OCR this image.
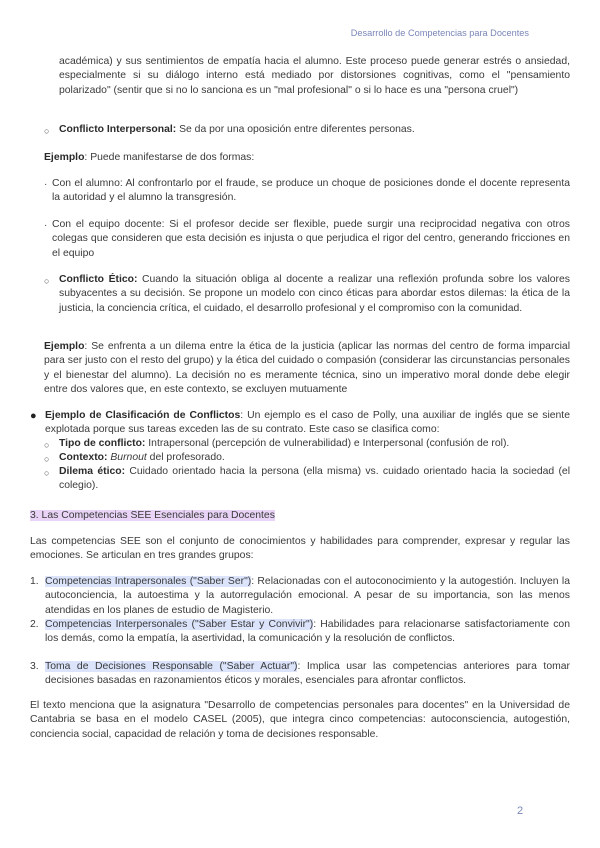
Desarrollo de Competencias para Docentes
académica) y sus sentimientos de empatía hacia el alumno. Este proceso puede generar estrés o ansiedad, especialmente si su diálogo interno está mediado por distorsiones cognitivas, como el "pensamiento polarizado" (sentir que si no lo sanciona es un "mal profesional" o si lo hace es una "persona cruel")
○ Conflicto Interpersonal: Se da por una oposición entre diferentes personas.
Ejemplo: Puede manifestarse de dos formas:
· Con el alumno: Al confrontarlo por el fraude, se produce un choque de posiciones donde el docente representa la autoridad y el alumno la transgresión.
· Con el equipo docente: Si el profesor decide ser flexible, puede surgir una reciprocidad negativa con otros colegas que consideren que esta decisión es injusta o que perjudica el rigor del centro, generando fricciones en el equipo
○ Conflicto Ético: Cuando la situación obliga al docente a realizar una reflexión profunda sobre los valores subyacentes a su decisión. Se propone un modelo con cinco éticas para abordar estos dilemas: la ética de la justicia, la conciencia crítica, el cuidado, el desarrollo profesional y el compromiso con la comunidad.
Ejemplo: Se enfrenta a un dilema entre la ética de la justicia (aplicar las normas del centro de forma imparcial para ser justo con el resto del grupo) y la ética del cuidado o compasión (considerar las circunstancias personales y el bienestar del alumno). La decisión no es meramente técnica, sino un imperativo moral donde debe elegir entre dos valores que, en este contexto, se excluyen mutuamente
● Ejemplo de Clasificación de Conflictos: Un ejemplo es el caso de Polly, una auxiliar de inglés que se siente explotada porque sus tareas exceden las de su contrato. Este caso se clasifica como:
○ Tipo de conflicto: Intrapersonal (percepción de vulnerabilidad) e Interpersonal (confusión de rol).
○ Contexto: Burnout del profesorado.
○ Dilema ético: Cuidado orientado hacia la persona (ella misma) vs. cuidado orientado hacia la sociedad (el colegio).
3. Las Competencias SEE Esenciales para Docentes
Las competencias SEE son el conjunto de conocimientos y habilidades para comprender, expresar y regular las emociones. Se articulan en tres grandes grupos:
1. Competencias Intrapersonales ("Saber Ser"): Relacionadas con el autoconocimiento y la autogestión. Incluyen la autoconciencia, la autoestima y la autorregulación emocional. A pesar de su importancia, son las menos atendidas en los planes de estudio de Magisterio.
2. Competencias Interpersonales ("Saber Estar y Convivir"): Habilidades para relacionarse satisfactoriamente con los demás, como la empatía, la asertividad, la comunicación y la resolución de conflictos.
3. Toma de Decisiones Responsable ("Saber Actuar"): Implica usar las competencias anteriores para tomar decisiones basadas en razonamientos éticos y morales, esenciales para afrontar conflictos.
El texto menciona que la asignatura "Desarrollo de competencias personales para docentes" en la Universidad de Cantabria se basa en el modelo CASEL (2005), que integra cinco competencias: autoconsciencia, autogestión, conciencia social, capacidad de relación y toma de decisiones responsable.
2
